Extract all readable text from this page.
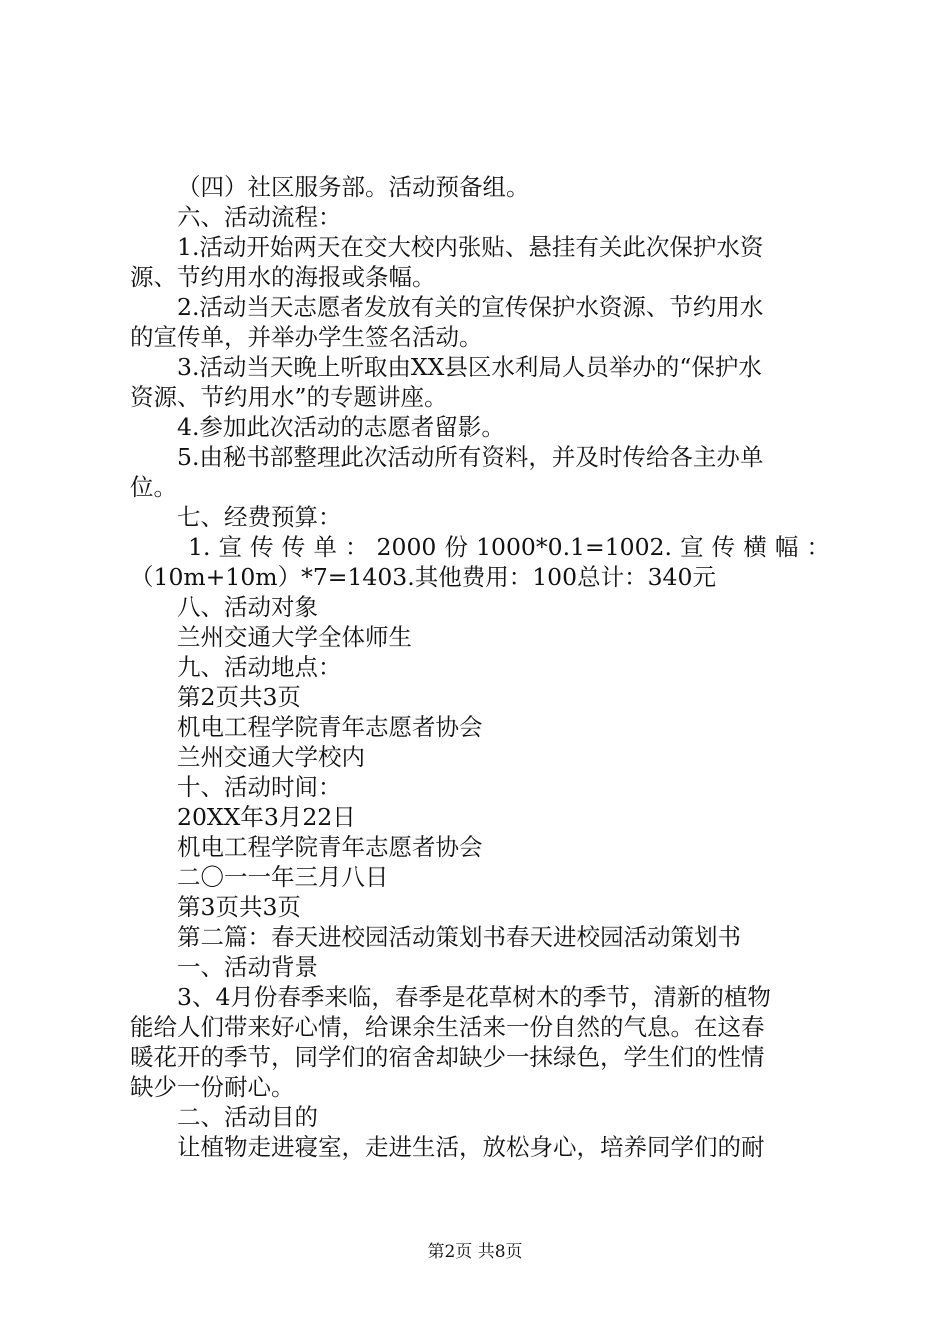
（四）社区服务部。活动预备组。

六、活动流程：

1.活动开始两天在交大校内张贴、悬挂有关此次保护水资

源、节约用水的海报或条幅。

2.活动当天志愿者发放有关的宣传保护水资源、节约用水

的宣传单，并举办学生签名活动。

3.活动当天晚上听取由XX县区水利局人员举办的“保护水

资源、节约用水”的专题讲座。

4.参加此次活动的志愿者留影。

5.由秘书部整理此次活动所有资料，并及时传给各主办单

位。

七、经费预算：

1.宣传传单：2000份1000*0.1=1002.宣传横幅：

（10m+10m）*7=1403.其他费用：100总计：340元

八、活动对象

兰州交通大学全体师生

九、活动地点：

第2页共3页

机电工程学院青年志愿者协会

兰州交通大学校内

十、活动时间：

20XX年3月22日

机电工程学院青年志愿者协会

二〇一一年三月八日

第3页共3页

第二篇：春天进校园活动策划书春天进校园活动策划书

一、活动背景

3、4月份春季来临，春季是花草树木的季节，清新的植物

能给人们带来好心情，给课余生活来一份自然的气息。在这春

暖花开的季节，同学们的宿舍却缺少一抹绿色，学生们的性情

缺少一份耐心。

二、活动目的

让植物走进寝室，走进生活，放松身心，培养同学们的耐

第2页 共8页
